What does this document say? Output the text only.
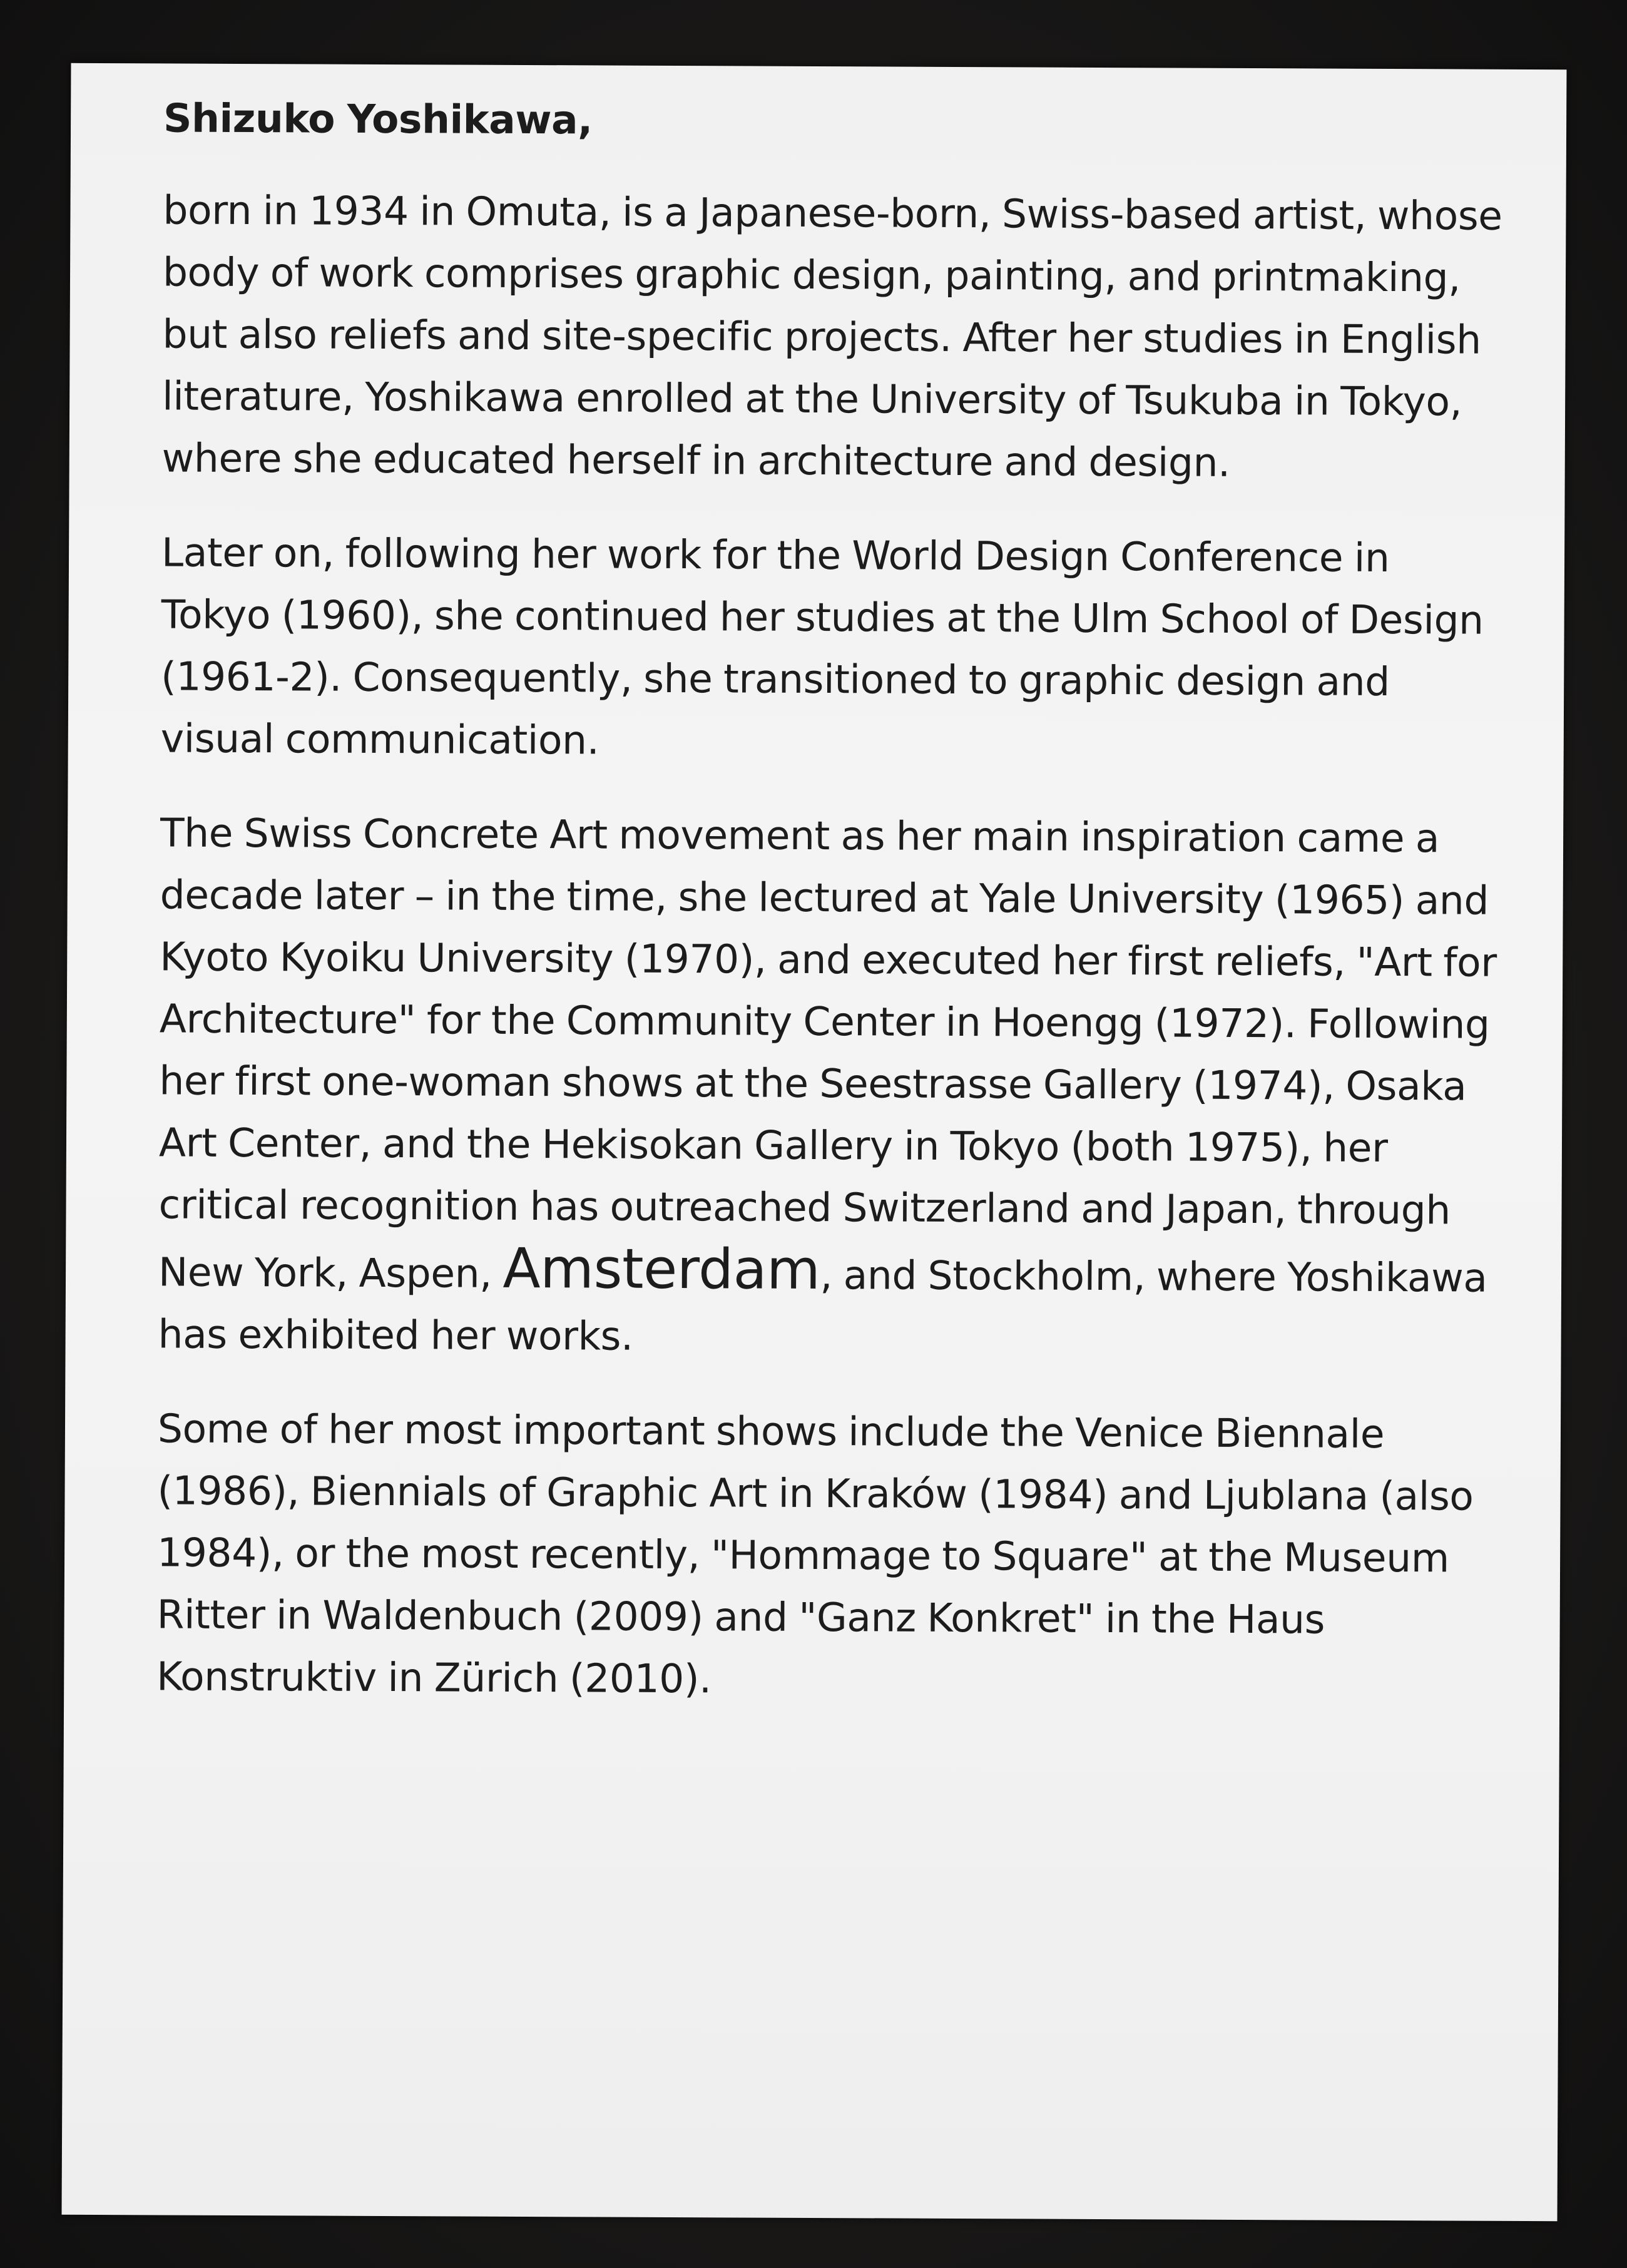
Shizuko Yoshikawa,
born in 1934 in Omuta, is a Japanese-born, Swiss-based artist, whose body of work comprises graphic design, painting, and printmaking, but also reliefs and site-specific projects. After her studies in English literature, Yoshikawa enrolled at the University of Tsukuba in Tokyo, where she educated herself in architecture and design.
Later on, following her work for the World Design Conference in Tokyo (1960), she continued her studies at the Ulm School of Design (1961-2). Consequently, she transitioned to graphic design and visual communication.
The Swiss Concrete Art movement as her main inspiration came a decade later – in the time, she lectured at Yale University (1965) and Kyoto Kyoiku University (1970), and executed her first reliefs, "Art for Architecture" for the Community Center in Hoengg (1972). Following her first one-woman shows at the Seestrasse Gallery (1974), Osaka Art Center, and the Hekisokan Gallery in Tokyo (both 1975), her critical recognition has outreached Switzerland and Japan, through New York, Aspen, Amsterdam, and Stockholm, where Yoshikawa has exhibited her works.
Some of her most important shows include the Venice Biennale (1986), Biennials of Graphic Art in Kraków (1984) and Ljublana (also 1984), or the most recently, "Hommage to Square" at the Museum Ritter in Waldenbuch (2009) and "Ganz Konkret" in the Haus Konstruktiv in Zürich (2010).
